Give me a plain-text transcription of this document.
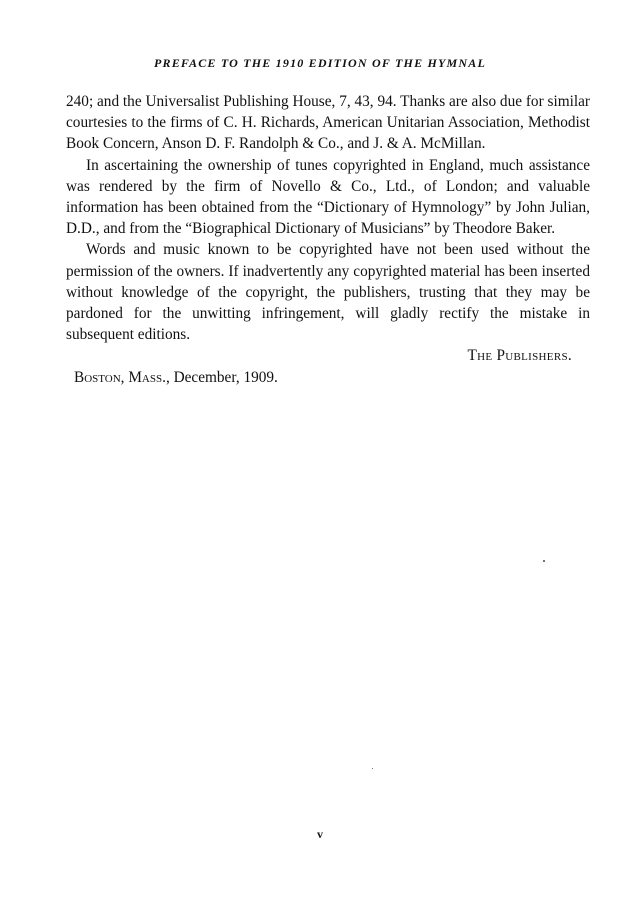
PREFACE TO THE 1910 EDITION OF THE HYMNAL

240; and the Universalist Publishing House, 7, 43, 94. Thanks are also due for similar courtesies to the firms of C. H. Richards, American Unitarian Association, Methodist Book Concern, Anson D. F. Randolph & Co., and J. & A. McMillan.

In ascertaining the ownership of tunes copyrighted in England, much assistance was rendered by the firm of Novello & Co., Ltd., of London; and valuable information has been obtained from the “Dictionary of Hymnology” by John Julian, D.D., and from the “Biographical Dictionary of Musicians” by Theodore Baker.

Words and music known to be copyrighted have not been used without the permission of the owners. If inadvertently any copyrighted material has been inserted without knowledge of the copyright, the publishers, trusting that they may be pardoned for the unwitting infringement, will gladly rectify the mistake in subsequent editions.

The Publishers.
Boston, Mass., December, 1909.
v
